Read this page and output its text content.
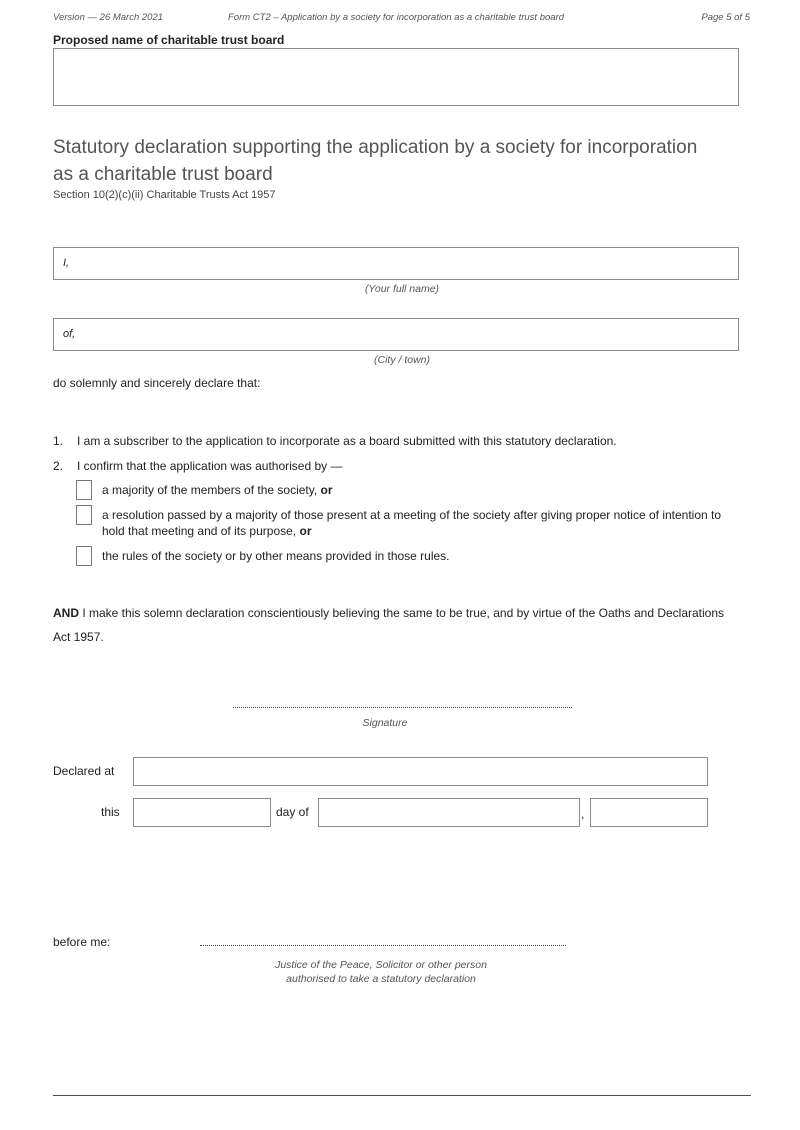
Version — 26 March 2021	Form CT2 – Application by a society for incorporation as a charitable trust board	Page 5 of 5
Proposed name of charitable trust board
Statutory declaration supporting the application by a society for incorporation
as a charitable trust board
Section 10(2)(c)(ii) Charitable Trusts Act 1957
I,
(Your full name)
of,
(City / town)
do solemnly and sincerely declare that:
1. I am a subscriber to the application to incorporate as a board submitted with this statutory declaration.
2. I confirm that the application was authorised by —
a majority of the members of the society, or
a resolution passed by a majority of those present at a meeting of the society after giving proper notice of intention to
hold that meeting and of its purpose, or
the rules of the society or by other means provided in those rules.
AND I make this solemn declaration conscientiously believing the same to be true, and by virtue of the Oaths and Declarations
Act 1957.
Signature
Declared at
this	day of	,
before me:
Justice of the Peace, Solicitor or other person
authorised to take a statutory declaration
